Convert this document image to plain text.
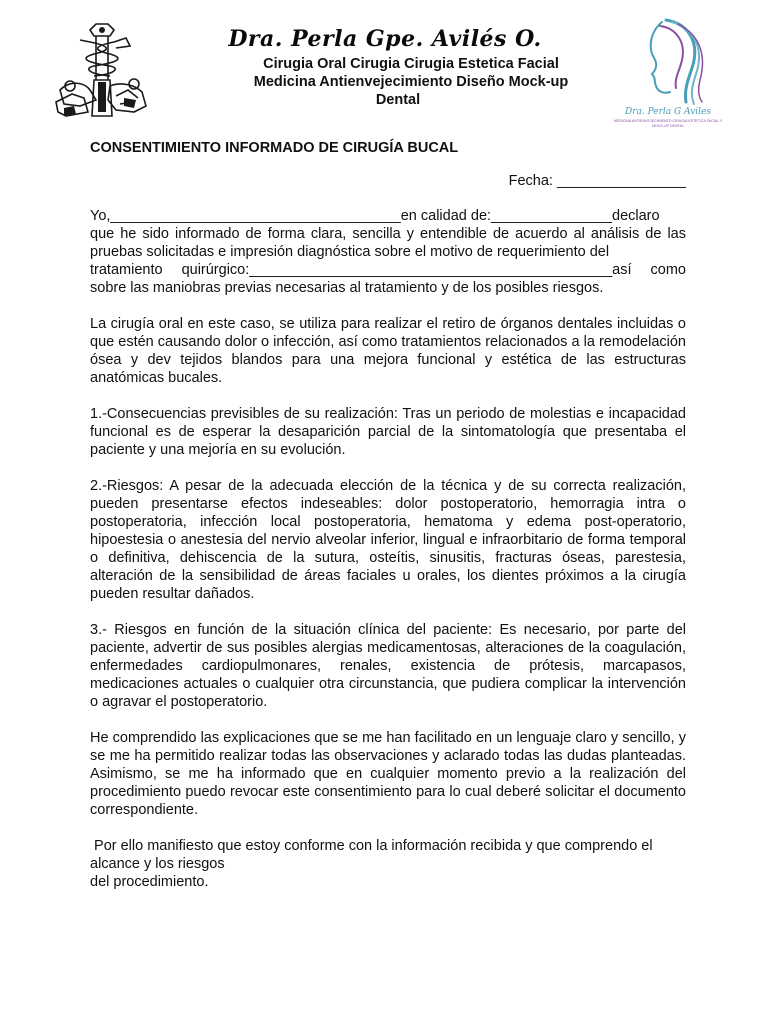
Dra. Perla Gpe. Avilés O.
Cirugia Oral Cirugia Cirugia Estetica Facial
Medicina Antienvejecimiento Diseño Mock-up
Dental
Dra. Perla G Aviles
MEDICINA ANTIENVEJECIMIENTO CIRUGIA ESTETICA FACIAL Y
MOCK-UP DENTAL
CONSENTIMIENTO INFORMADO DE CIRUGÍA BUCAL
Fecha: ________________

Yo,____________________________________en calidad de:_______________declaro
que he sido informado de forma clara, sencilla y entendible de acuerdo al análisis de las pruebas solicitadas e impresión diagnóstica sobre el motivo de requerimiento del
tratamiento quirúrgico:_____________________________________________así como
sobre las maniobras previas necesarias al tratamiento y de los posibles riesgos.

La cirugía oral en este caso, se utiliza para realizar el retiro de órganos dentales incluidas o que estén causando dolor o infección, así como tratamientos relacionados a la remodelación ósea y dev tejidos blandos para una mejora funcional y estética de las estructuras anatómicas bucales.

1.-Consecuencias previsibles de su realización: Tras un periodo de molestias e incapacidad funcional es de esperar la desaparición parcial de la sintomatología que presentaba el paciente y una mejoría en su evolución.

2.-Riesgos: A pesar de la adecuada elección de la técnica y de su correcta realización, pueden presentarse efectos indeseables: dolor postoperatorio, hemorragia intra o postoperatoria, infección local postoperatoria, hematoma y edema post-operatorio, hipoestesia o anestesia del nervio alveolar inferior, lingual e infraorbitario de forma temporal o definitiva, dehiscencia de la sutura, osteítis, sinusitis, fracturas óseas, parestesia, alteración de la sensibilidad de áreas faciales u orales, los dientes próximos a la cirugía pueden resultar dañados.

3.- Riesgos en función de la situación clínica del paciente: Es necesario, por parte del paciente, advertir de sus posibles alergias medicamentosas, alteraciones de la coagulación, enfermedades cardiopulmonares, renales, existencia de prótesis, marcapasos, medicaciones actuales o cualquier otra circunstancia, que pudiera complicar la intervención o agravar el postoperatorio.

He comprendido las explicaciones que se me han facilitado en un lenguaje claro y sencillo, y se me ha permitido realizar todas las observaciones y aclarado todas las dudas planteadas. Asimismo, se me ha informado que en cualquier momento previo a la realización del procedimiento puedo revocar este consentimiento para lo cual deberé solicitar el documento correspondiente.

Por ello manifiesto que estoy conforme con la información recibida y que comprendo el
alcance y los riesgos
del procedimiento.
